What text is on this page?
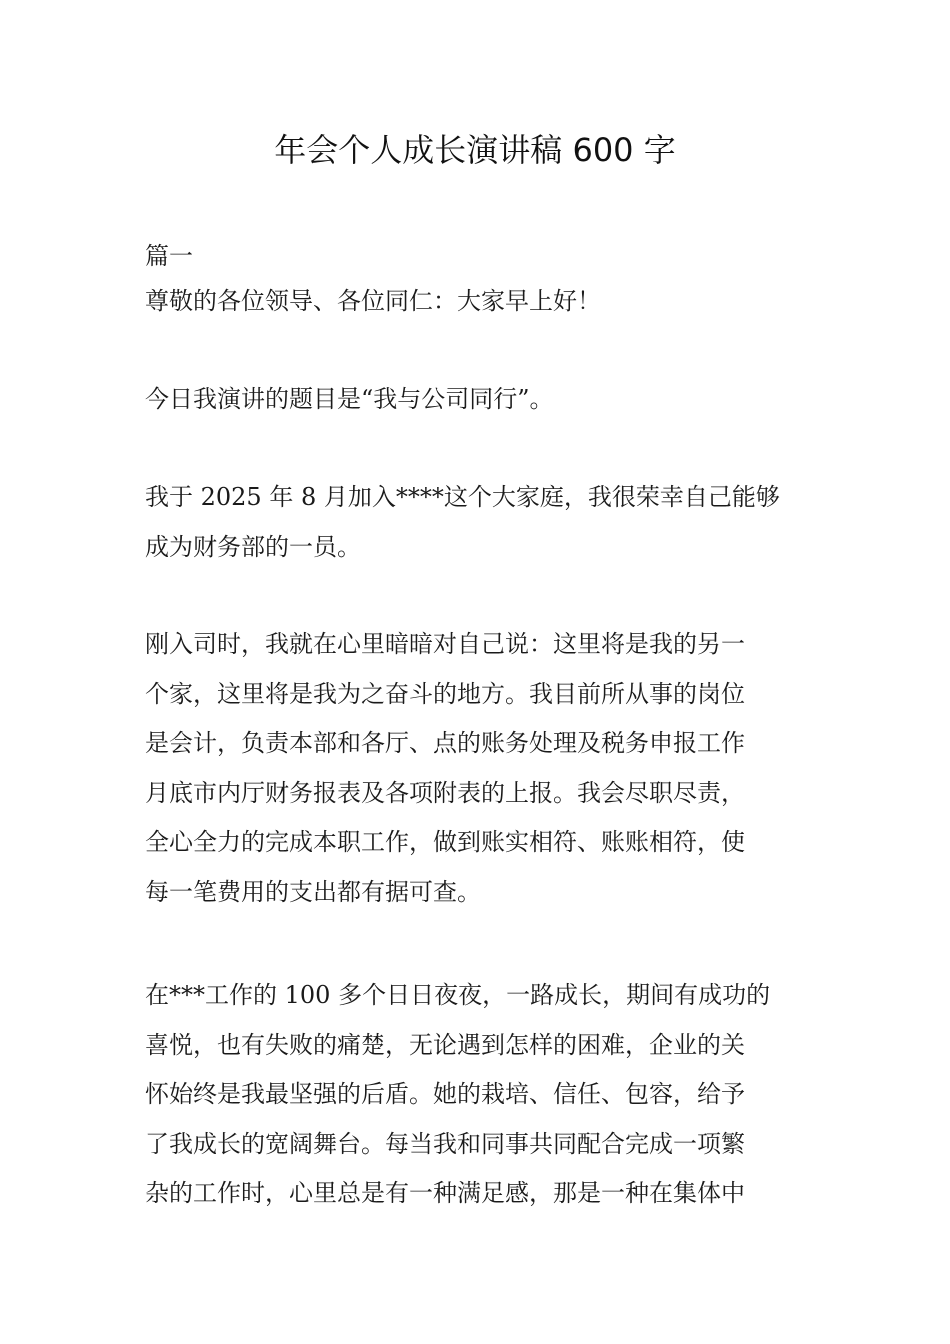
年会个人成长演讲稿 600 字
篇一
尊敬的各位领导、各位同仁：大家早上好！
今日我演讲的题目是“我与公司同行”。
我于 2025 年 8 月加入****这个大家庭，我很荣幸自己能够
成为财务部的一员。
刚入司时，我就在心里暗暗对自己说：这里将是我的另一
个家，这里将是我为之奋斗的地方。我目前所从事的岗位
是会计，负责本部和各厅、点的账务处理及税务申报工作
月底市内厅财务报表及各项附表的上报。我会尽职尽责，
全心全力的完成本职工作，做到账实相符、账账相符，使
每一笔费用的支出都有据可查。
在***工作的 100 多个日日夜夜，一路成长，期间有成功的
喜悦，也有失败的痛楚，无论遇到怎样的困难，企业的关
怀始终是我最坚强的后盾。她的栽培、信任、包容，给予
了我成长的宽阔舞台。每当我和同事共同配合完成一项繁
杂的工作时，心里总是有一种满足感，那是一种在集体中
